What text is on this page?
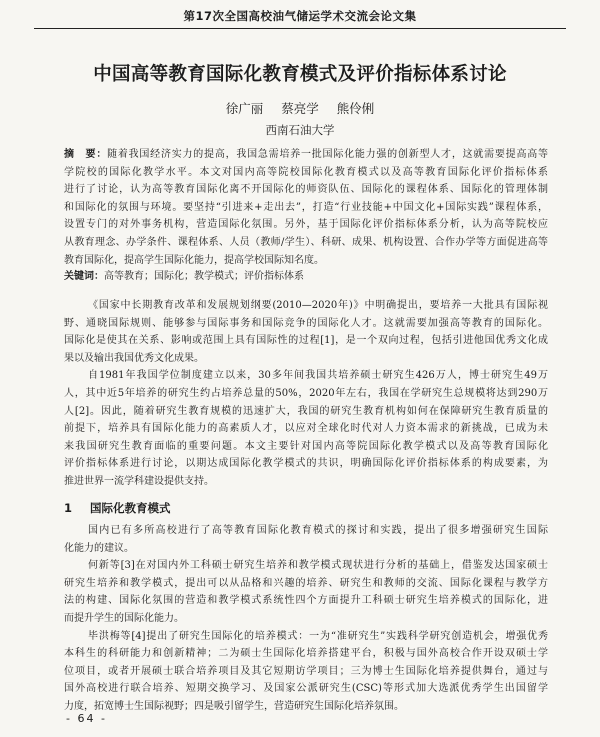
第17次全国高校油气储运学术交流会论文集
中国高等教育国际化教育模式及评价指标体系讨论
徐广丽 蔡亮学 熊伶俐
西南石油大学
摘　要：随着我国经济实力的提高，我国急需培养一批国际化能力强的创新型人才，这就需要提高高等
学院校的国际化教学水平。本文对国内高等院校国际化教育模式以及高等教育国际化评价指标体系
进行了讨论，认为高等教育国际化离不开国际化的师资队伍、国际化的课程体系、国际化的管理体制
和国际化的氛围与环境。要坚持“引进来+走出去”，打造“行业技能+中国文化+国际实践”课程体系，
设置专门的对外事务机构，营造国际化氛围。另外，基于国际化评价指标体系分析，认为高等院校应
从教育理念、办学条件、课程体系、人员（教师/学生）、科研、成果、机构设置、合作办学等方面促进高等
教育国际化，提高学生国际化能力，提高学校国际知名度。
关键词：高等教育；国际化；教学模式；评价指标体系
《国家中长期教育改革和发展规划纲要(2010—2020年)》中明确提出，要培养一大批具有国际视
野、通晓国际规则、能够参与国际事务和国际竞争的国际化人才。这就需要加强高等教育的国际化。
国际化是使其在关系、影响或范围上具有国际性的过程[1]，是一个双向过程，包括引进他国优秀文化成
果以及输出我国优秀文化成果。
自1981年我国学位制度建立以来，30多年间我国共培养硕士研究生426万人，博士研究生49万
人，其中近5年培养的研究生约占培养总量的50%，2020年左右，我国在学研究生总规模将达到290万
人[2]。因此，随着研究生教育规模的迅速扩大，我国的研究生教育机构如何在保障研究生教育质量的
前提下，培养具有国际化能力的高素质人才，以应对全球化时代对人力资本需求的新挑战，已成为未
来我国研究生教育面临的重要问题。本文主要针对国内高等院国际化教学模式以及高等教育国际化
评价指标体系进行讨论，以期达成国际化教学模式的共识，明确国际化评价指标体系的构成要素，为
推进世界一流学科建设提供支持。
1 国际化教育模式
国内已有多所高校进行了高等教育国际化教育模式的探讨和实践，提出了很多增强研究生国际
化能力的建议。
何新等[3]在对国内外工科硕士研究生培养和教学模式现状进行分析的基础上，借鉴发达国家硕士
研究生培养和教学模式，提出可以从品格和兴趣的培养、研究生和教师的交流、国际化课程与教学方
法的构建、国际化氛围的营造和教学模式系统性四个方面提升工科硕士研究生培养模式的国际化，进
而提升学生的国际化能力。
毕洪梅等[4]提出了研究生国际化的培养模式：一为“准研究生”实践科学研究创造机会，增强优秀
本科生的科研能力和创新精神；二为硕士生国际化培养搭建平台，积极与国外高校合作开设双硕士学
位项目，或者开展硕士联合培养项目及其它短期访学项目；三为博士生国际化培养提供舞台，通过与
国外高校进行联合培养、短期交换学习、及国家公派研究生(CSC)等形式加大选派优秀学生出国留学
力度，拓宽博士生国际视野；四是吸引留学生，营造研究生国际化培养氛围。
- 64 -
